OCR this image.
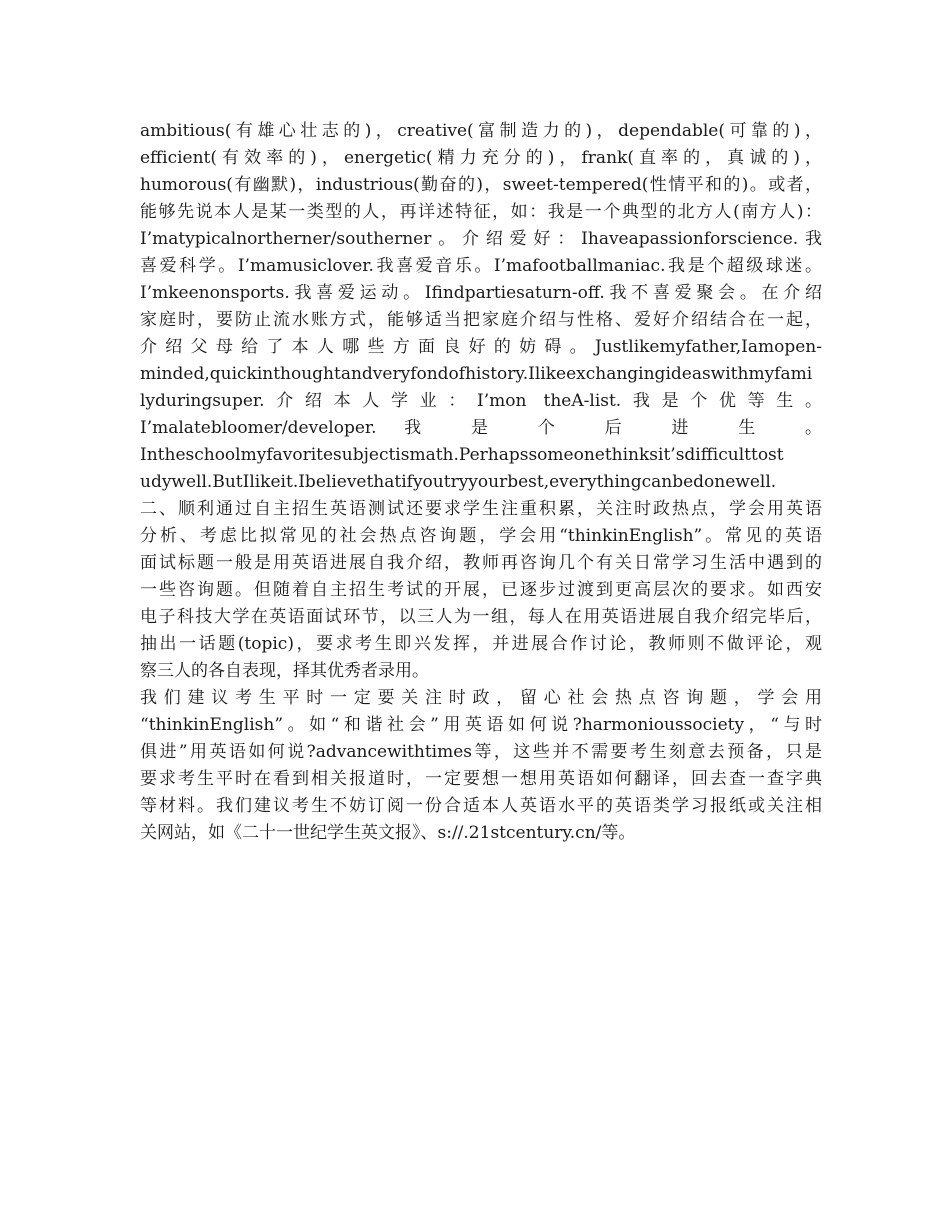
ambitious(有雄心壮志的)，creative(富制造力的)，dependable(可靠的)，
efficient(有效率的)，energetic(精力充分的)，frank(直率的，真诚的)，
humorous(有幽默)，industrious(勤奋的)，sweet-tempered(性情平和的)。或者，
能够先说本人是某一类型的人，再详述特征，如：我是一个典型的北方人(南方人)：
I’matypicalnortherner/southerner。介绍爱好：Ihaveapassionforscience.我
喜爱科学。I’mamusiclover.我喜爱音乐。I’mafootballmaniac.我是个超级球迷。
I’mkeenonsports.我喜爱运动。Ifindpartiesaturn-off.我不喜爱聚会。在介绍
家庭时，要防止流水账方式，能够适当把家庭介绍与性格、爱好介绍结合在一起，
介绍父母给了本人哪些方面良好的妨碍。Justlikemyfather,Iamopen-
minded,quickinthoughtandveryfondofhistory.Ilikeexchangingideaswithmyfami
lyduringsuper.介绍本人学业：I’mon theA-list.我是个优等生。
I’malatebloomer/developer. 我 是 个 后 进 生 。
Intheschoolmyfavoritesubjectismath.Perhapssomeonethinksit’sdifficulttost
udywell.ButIlikeit.Ibelievethatifyoutryyourbest,everythingcanbedonewell.
二、顺利通过自主招生英语测试还要求学生注重积累，关注时政热点，学会用英语
分析、考虑比拟常见的社会热点咨询题，学会用“thinkinEnglish”。常见的英语
面试标题一般是用英语进展自我介绍，教师再咨询几个有关日常学习生活中遇到的
一些咨询题。但随着自主招生考试的开展，已逐步过渡到更高层次的要求。如西安
电子科技大学在英语面试环节，以三人为一组，每人在用英语进展自我介绍完毕后，
抽出一话题(topic)，要求考生即兴发挥，并进展合作讨论，教师则不做评论，观
察三人的各自表现，择其优秀者录用。
我们建议考生平时一定要关注时政，留心社会热点咨询题，学会用
“thinkinEnglish”。如“和谐社会”用英语如何说?harmonioussociety，“与时
俱进”用英语如何说?advancewithtimes等，这些并不需要考生刻意去预备，只是
要求考生平时在看到相关报道时，一定要想一想用英语如何翻译，回去查一查字典
等材料。我们建议考生不妨订阅一份合适本人英语水平的英语类学习报纸或关注相
关网站，如《二十一世纪学生英文报》、s://.21stcentury.cn/等。
